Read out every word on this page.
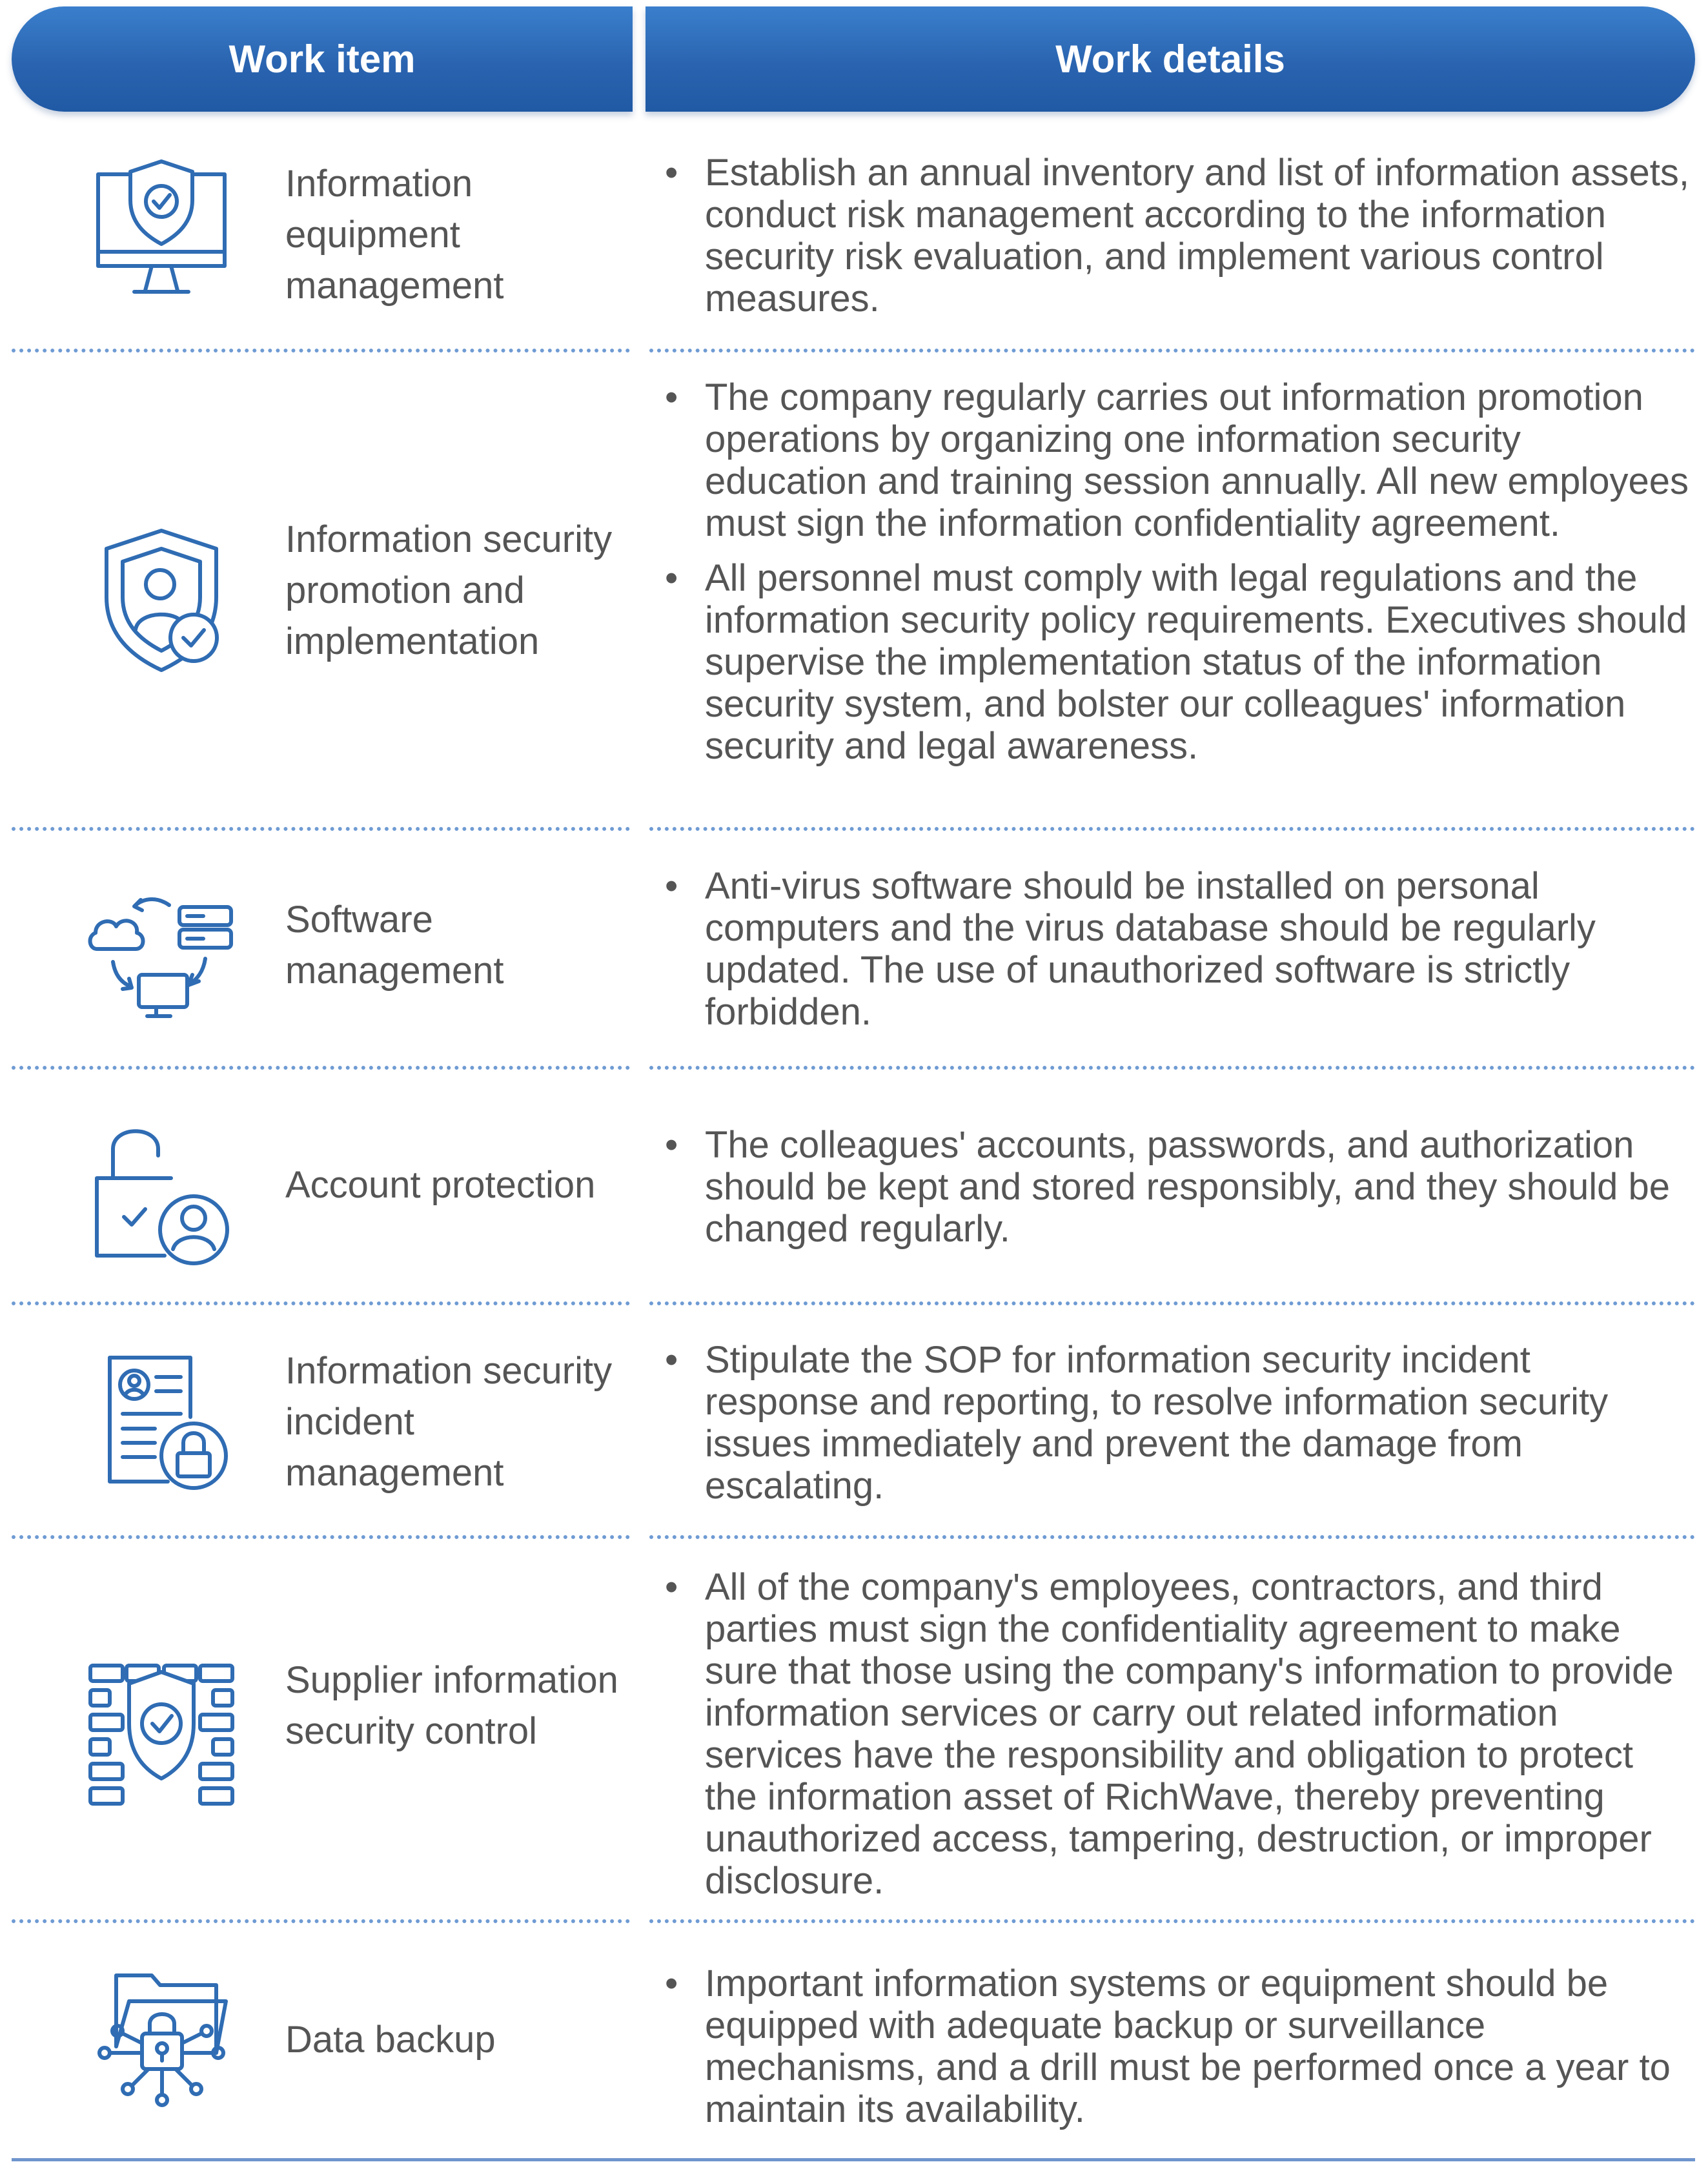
Work item	Work details
Information equipment management
• Establish an annual inventory and list of information assets, conduct risk management according to the information security risk evaluation, and implement various control measures.
Information security promotion and implementation
• The company regularly carries out information promotion operations by organizing one information security education and training session annually. All new employees must sign the information confidentiality agreement.
• All personnel must comply with legal regulations and the information security policy requirements. Executives should supervise the implementation status of the information security system, and bolster our colleagues' information security and legal awareness.
Software management
• Anti-virus software should be installed on personal computers and the virus database should be regularly updated. The use of unauthorized software is strictly forbidden.
Account protection
• The colleagues' accounts, passwords, and authorization should be kept and stored responsibly, and they should be changed regularly.
Information security incident management
• Stipulate the SOP for information security incident response and reporting, to resolve information security issues immediately and prevent the damage from escalating.
Supplier information security control
• All of the company's employees, contractors, and third parties must sign the confidentiality agreement to make sure that those using the company's information to provide information services or carry out related information services have the responsibility and obligation to protect the information asset of RichWave, thereby preventing unauthorized access, tampering, destruction, or improper disclosure.
Data backup
• Important information systems or equipment should be equipped with adequate backup or surveillance mechanisms, and a drill must be performed once a year to maintain its availability.
